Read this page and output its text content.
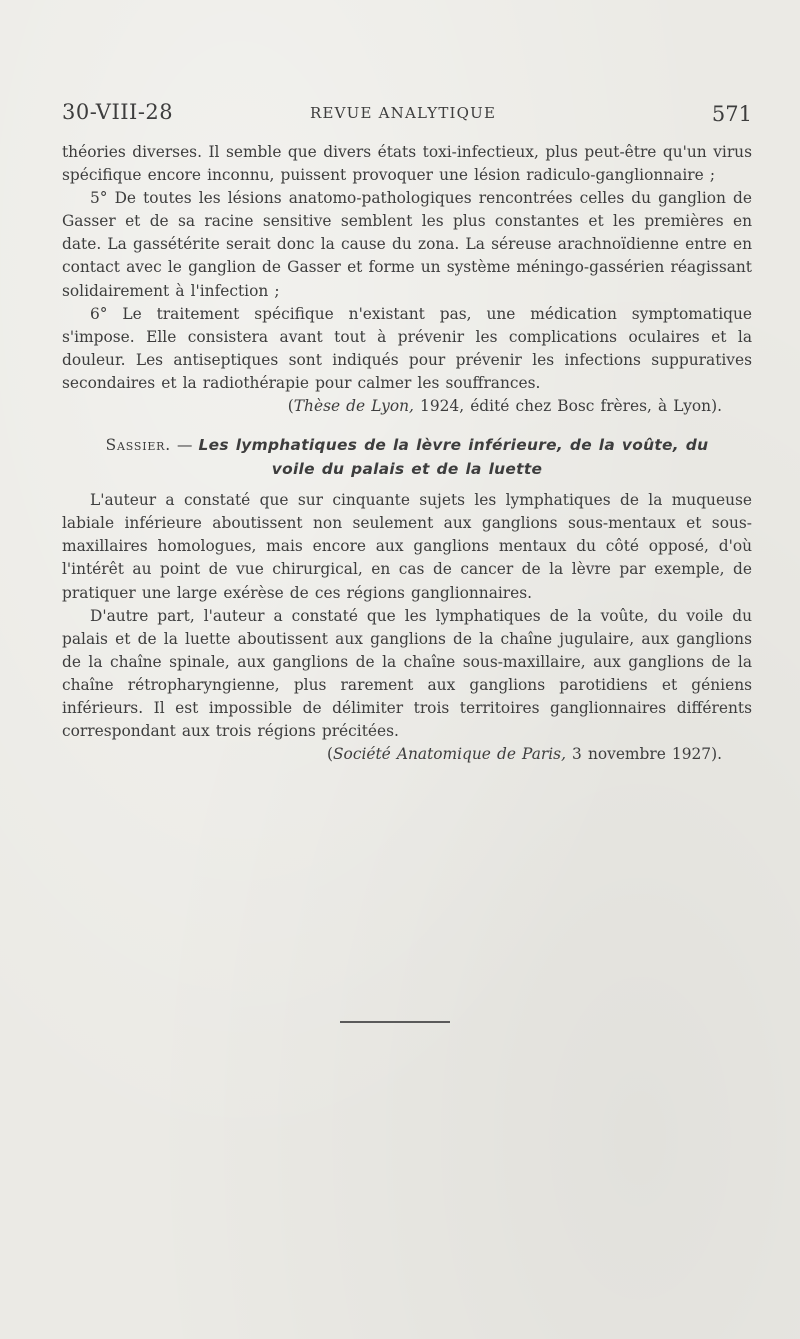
30-VIII-28	REVUE ANALYTIQUE	571

théories diverses. Il semble que divers états toxi-infectieux, plus peut-être qu'un virus spécifique encore inconnu, puissent provoquer une lésion radiculo-ganglionnaire ;

5° De toutes les lésions anatomo-pathologiques rencontrées celles du ganglion de Gasser et de sa racine sensitive semblent les plus constantes et les premières en date. La gassétérite serait donc la cause du zona. La séreuse arachnoïdienne entre en contact avec le ganglion de Gasser et forme un système méningo-gassérien réagissant solidairement à l'infection ;

6° Le traitement spécifique n'existant pas, une médication symptomatique s'impose. Elle consistera avant tout à prévenir les complications oculaires et la douleur. Les antiseptiques sont indiqués pour prévenir les infections suppuratives secondaires et la radiothérapie pour calmer les souffrances.

(Thèse de Lyon, 1924, édité chez Bosc frères, à Lyon).

Sassier. — Les lymphatiques de la lèvre inférieure, de la voûte, du

voile du palais et de la luette

L'auteur a constaté que sur cinquante sujets les lymphatiques de la muqueuse labiale inférieure aboutissent non seulement aux ganglions sous-mentaux et sous-maxillaires homologues, mais encore aux ganglions mentaux du côté opposé, d'où l'intérêt au point de vue chirurgical, en cas de cancer de la lèvre par exemple, de pratiquer une large exérèse de ces régions ganglionnaires.

D'autre part, l'auteur a constaté que les lymphatiques de la voûte, du voile du palais et de la luette aboutissent aux ganglions de la chaîne jugulaire, aux ganglions de la chaîne spinale, aux ganglions de la chaîne sous-maxillaire, aux ganglions de la chaîne rétropharyngienne, plus rarement aux ganglions parotidiens et géniens inférieurs. Il est impossible de délimiter trois territoires ganglionnaires différents correspondant aux trois régions précitées.

(Société Anatomique de Paris, 3 novembre 1927).
